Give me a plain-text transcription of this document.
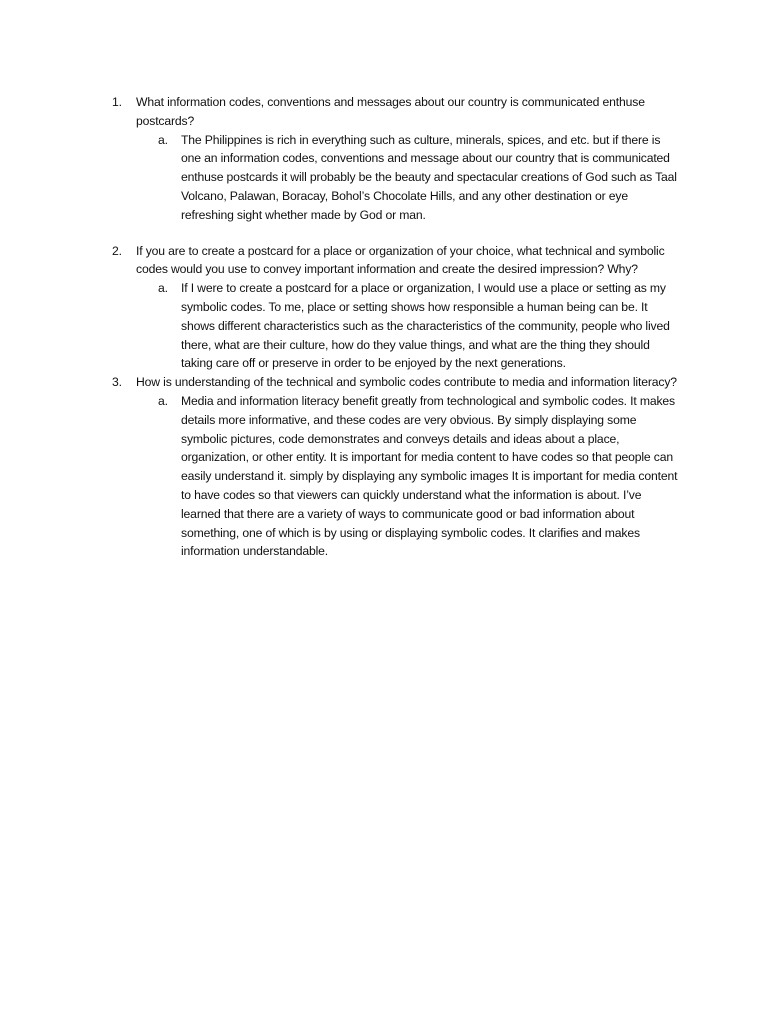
1. What information codes, conventions and messages about our country is communicated enthuse postcards?
a. The Philippines is rich in everything such as culture, minerals, spices, and etc. but if there is one an information codes, conventions and message about our country that is communicated enthuse postcards it will probably be the beauty and spectacular creations of God such as Taal Volcano, Palawan, Boracay, Bohol’s Chocolate Hills, and any other destination or eye refreshing sight whether made by God or man.
2. If you are to create a postcard for a place or organization of your choice, what technical and symbolic codes would you use to convey important information and create the desired impression? Why?
a. If I were to create a postcard for a place or organization, I would use a place or setting as my symbolic codes. To me, place or setting shows how responsible a human being can be. It shows different characteristics such as the characteristics of the community, people who lived there, what are their culture, how do they value things, and what are the thing they should taking care off or preserve in order to be enjoyed by the next generations.
3. How is understanding of the technical and symbolic codes contribute to media and information literacy?
a. Media and information literacy benefit greatly from technological and symbolic codes. It makes details more informative, and these codes are very obvious. By simply displaying some symbolic pictures, code demonstrates and conveys details and ideas about a place, organization, or other entity. It is important for media content to have codes so that people can easily understand it. simply by displaying any symbolic images It is important for media content to have codes so that viewers can quickly understand what the information is about. I’ve learned that there are a variety of ways to communicate good or bad information about something, one of which is by using or displaying symbolic codes. It clarifies and makes information understandable.
